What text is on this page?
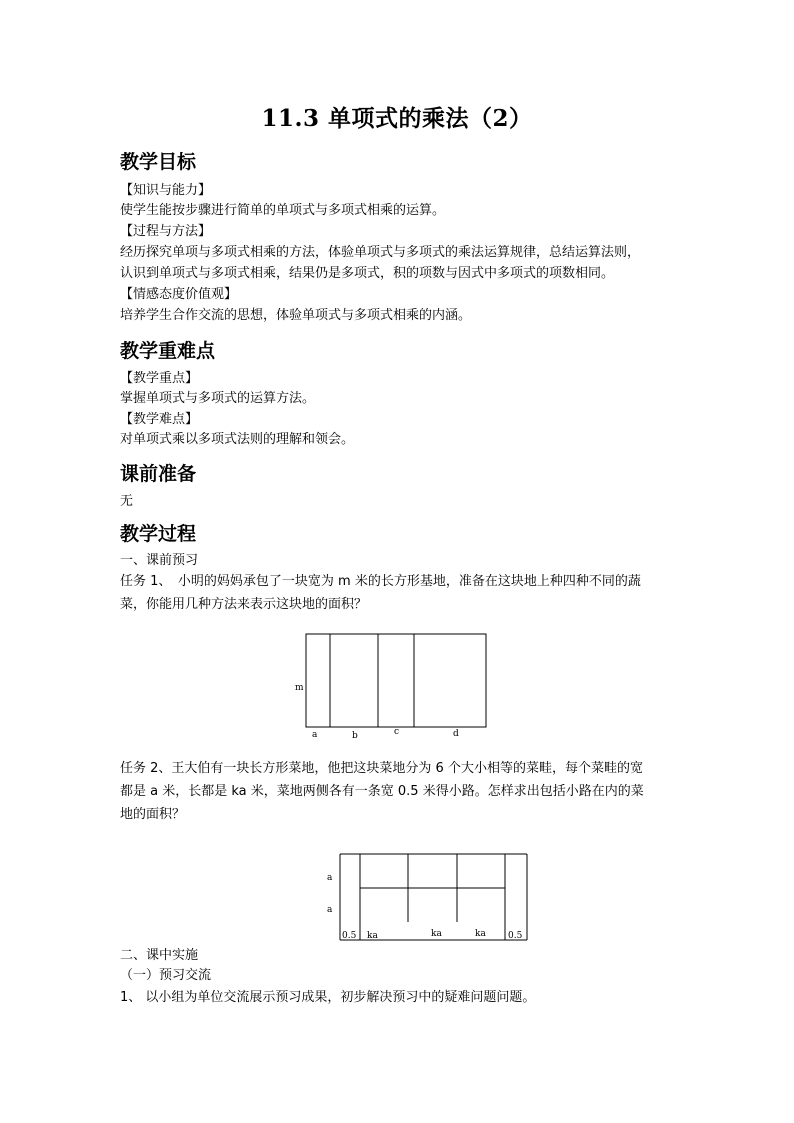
11.3 单项式的乘法（2）
教学目标
【知识与能力】
使学生能按步骤进行简单的单项式与多项式相乘的运算。
【过程与方法】
经历探究单项与多项式相乘的方法，体验单项式与多项式的乘法运算规律，总结运算法则，
认识到单项式与多项式相乘，结果仍是多项式，积的项数与因式中多项式的项数相同。
【情感态度价值观】
培养学生合作交流的思想，体验单项式与多项式相乘的内涵。
教学重难点
【教学重点】
掌握单项式与多项式的运算方法。
【教学难点】
对单项式乘以多项式法则的理解和领会。
课前准备
无
教学过程
一、课前预习
任务 1、　小明的妈妈承包了一块宽为 m 米的长方形基地，准备在这块地上种四种不同的蔬
菜，你能用几种方法来表示这块地的面积？
m
a	b	c	d
任务 2、王大伯有一块长方形菜地，他把这块菜地分为 6 个大小相等的菜畦，每个菜畦的宽
都是 a 米，长都是 ka 米，菜地两侧各有一条宽 0.5 米得小路。怎样求出包括小路在内的菜
地的面积？
a
a
0.5 ka	ka	ka 0.5
二、课中实施
（一）预习交流
1、 以小组为单位交流展示预习成果，初步解决预习中的疑难问题问题。
